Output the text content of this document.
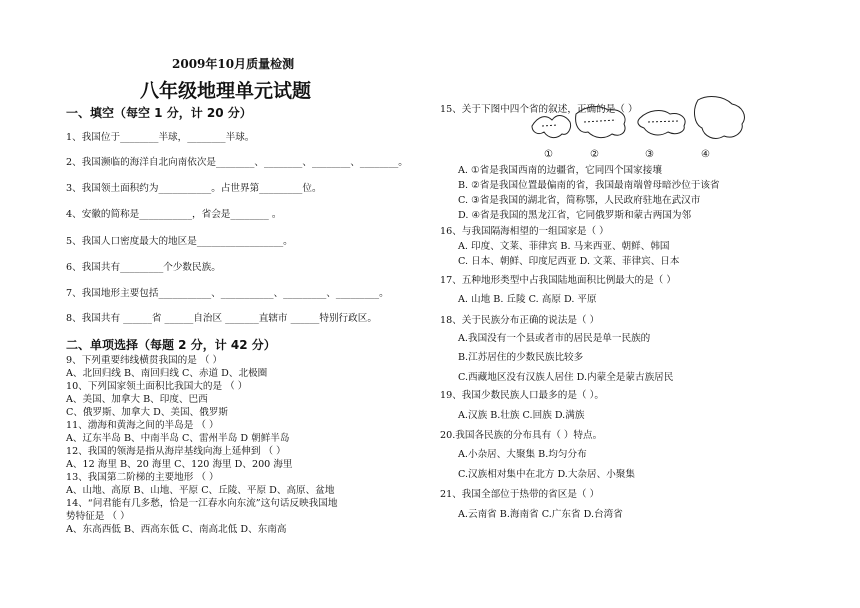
2009年10月质量检测
八年级地理单元试题
一、填空（每空 1 分，计 20 分）
1、我国位于________半球，________半球。
2、我国濒临的海洋自北向南依次是________、________、________、________。
3、我国领土面积约为___________。占世界第_________位。
4、安徽的简称是___________，省会是________ 。
5、我国人口密度最大的地区是__________________。
6、我国共有_________个少数民族。
7、我国地形主要包括___________、___________、_________、_________。
8、我国共有 ______省 ______自治区 _______直辖市 ______特别行政区。
二、单项选择（每题 2 分，计 42 分）
9、下列重要纬线横贯我国的是 （ ）
A、北回归线 B、南回归线 C、赤道 D、北极圈
10、下列国家领土面积比我国大的是 （ ）
A、美国、加拿大 B、印度、巴西
C、俄罗斯、加拿大 D、美国、俄罗斯
11、渤海和黄海之间的半岛是 （ ）
A、辽东半岛 B、中南半岛 C、雷州半岛 D 朝鲜半岛
12、我国的领海是指从海岸基线向海上延伸到 （ ）
A、12 海里 B、20 海里 C、120 海里 D、200 海里
13、我国第二阶梯的主要地形 （ ）
A、山地、高原 B、山地、平原 C、丘陵、平原 D、高原、盆地
14、“问君能有几多愁，恰是一江春水向东流”这句话反映我国地
势特征是 （ ）
A、东高西低 B、西高东低 C、南高北低 D、东南高
15、关于下图中四个省的叙述，正确的是（ ）
①	②	③	④
A. ①省是我国西南的边疆省，它同四个国家接壤
B. ②省是我国位置最偏南的省，我国最南端曾母暗沙位于该省
C. ③省是我国的湖北省，简称鄂，人民政府驻地在武汉市
D. ④省是我国的黑龙江省，它同俄罗斯和蒙古两国为邻
16、与我国隔海相望的一组国家是（ ）
A. 印度、文莱、菲律宾 B. 马来西亚、朝鲜、韩国
C. 日本、朝鲜、印度尼西亚 D. 文莱、菲律宾、日本
17、五种地形类型中占我国陆地面积比例最大的是（ ）
A. 山地 B. 丘陵 C. 高原 D. 平原
18、关于民族分布正确的说法是（ ）
A.我国没有一个县或者市的居民是单一民族的
B.江苏居住的少数民族比较多
C.西藏地区没有汉族人居住 D.内蒙全是蒙古族居民
19、我国少数民族人口最多的是（ ）。
A.汉族 B.壮族 C.回族 D.满族
20.我国各民族的分布具有（ ）特点。
A.小杂居、大聚集 B.均匀分布
C.汉族相对集中在北方 D.大杂居、小聚集
21、我国全部位于热带的省区是（ ）
A.云南省 B.海南省 C.广东省 D.台湾省
